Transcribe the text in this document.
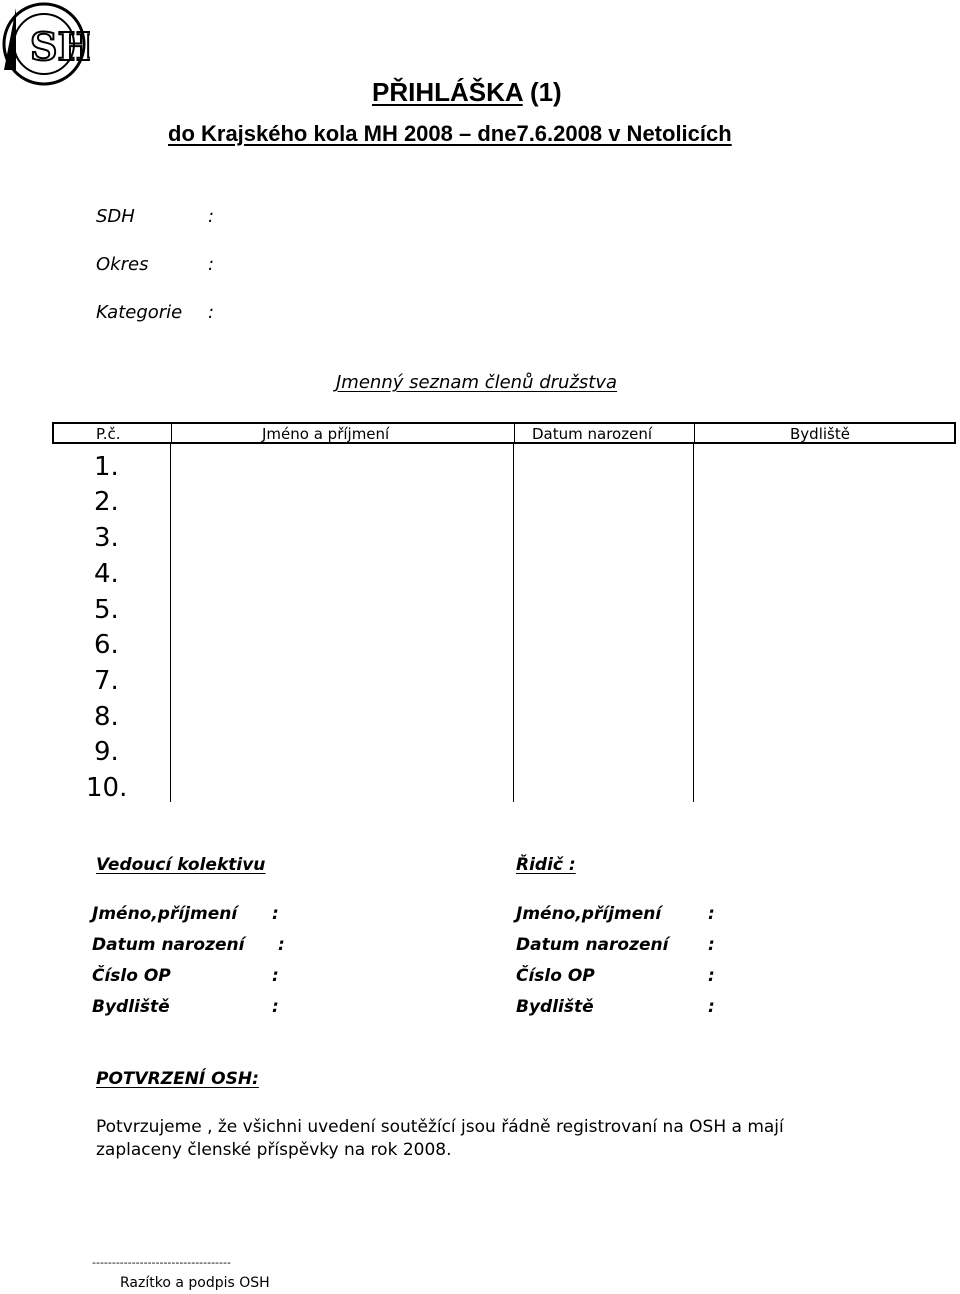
SH
PŘIHLÁŠKA (1)
do Krajského kola MH 2008 – dne7.6.2008 v Netolicích
SDH	:
Okres	:
Kategorie :
Jmenný seznam členů družstva
P.č.	Jméno a příjmení	Datum narození	Bydliště
1.
2.
3.
4.
5.
6.
7.
8.
9.
10.
Vedoucí kolektivu	Řidič :
Jméno,příjmení :
Datum narození :
Číslo OP	:
Bydliště	:
Jméno,příjmení	:
Datum narození :
Číslo OP	:
Bydliště	:
POTVRZENÍ OSH:
Potvrzujeme , že všichni uvedení soutěžící jsou řádně registrovaní na OSH a mají zaplaceny členské příspěvky na rok 2008.
-----------------------------------
Razítko a podpis OSH
